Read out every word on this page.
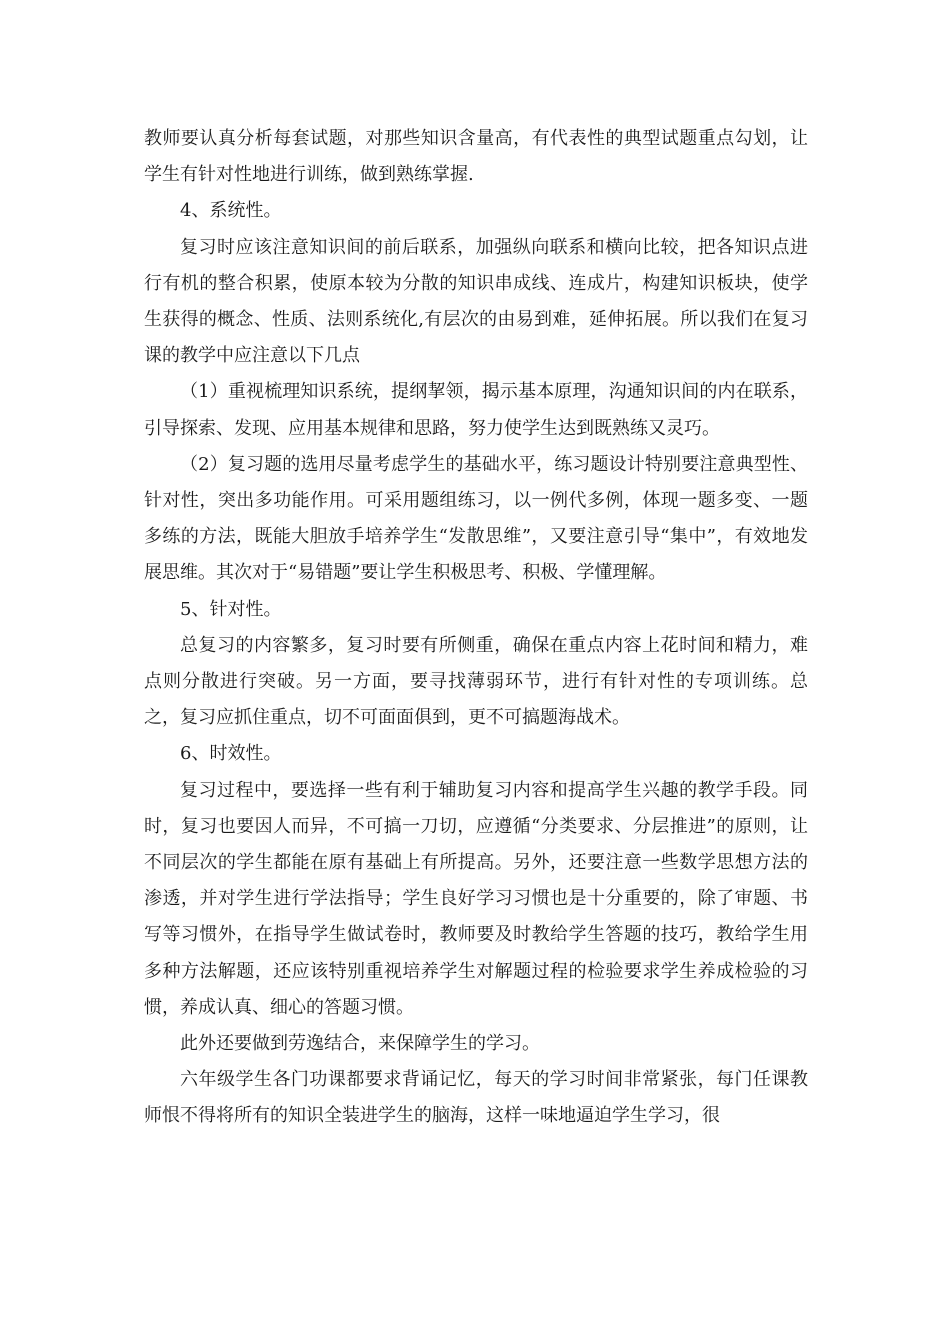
教师要认真分析每套试题，对那些知识含量高，有代表性的典型试题重点勾划，让学生有针对性地进行训练，做到熟练掌握.

4、系统性。

复习时应该注意知识间的前后联系，加强纵向联系和横向比较，把各知识点进行有机的整合积累，使原本较为分散的知识串成线、连成片，构建知识板块，使学生获得的概念、性质、法则系统化,有层次的由易到难，延伸拓展。所以我们在复习课的教学中应注意以下几点

（1）重视梳理知识系统，提纲挈领，揭示基本原理，沟通知识间的内在联系，引导探索、发现、应用基本规律和思路，努力使学生达到既熟练又灵巧。

（2）复习题的选用尽量考虑学生的基础水平，练习题设计特别要注意典型性、针对性，突出多功能作用。可采用题组练习，以一例代多例，体现一题多变、一题多练的方法，既能大胆放手培养学生“发散思维”，又要注意引导“集中”，有效地发展思维。其次对于“易错题”要让学生积极思考、积极、学懂理解。

5、针对性。

总复习的内容繁多，复习时要有所侧重，确保在重点内容上花时间和精力，难点则分散进行突破。另一方面，要寻找薄弱环节，进行有针对性的专项训练。总之，复习应抓住重点，切不可面面俱到，更不可搞题海战术。

6、时效性。

复习过程中，要选择一些有利于辅助复习内容和提高学生兴趣的教学手段。同时，复习也要因人而异，不可搞一刀切，应遵循“分类要求、分层推进”的原则，让不同层次的学生都能在原有基础上有所提高。另外，还要注意一些数学思想方法的渗透，并对学生进行学法指导；学生良好学习习惯也是十分重要的，除了审题、书写等习惯外，在指导学生做试卷时，教师要及时教给学生答题的技巧，教给学生用多种方法解题，还应该特别重视培养学生对解题过程的检验要求学生养成检验的习惯，养成认真、细心的答题习惯。

此外还要做到劳逸结合，来保障学生的学习。

六年级学生各门功课都要求背诵记忆，每天的学习时间非常紧张，每门任课教师恨不得将所有的知识全装进学生的脑海，这样一味地逼迫学生学习，很
